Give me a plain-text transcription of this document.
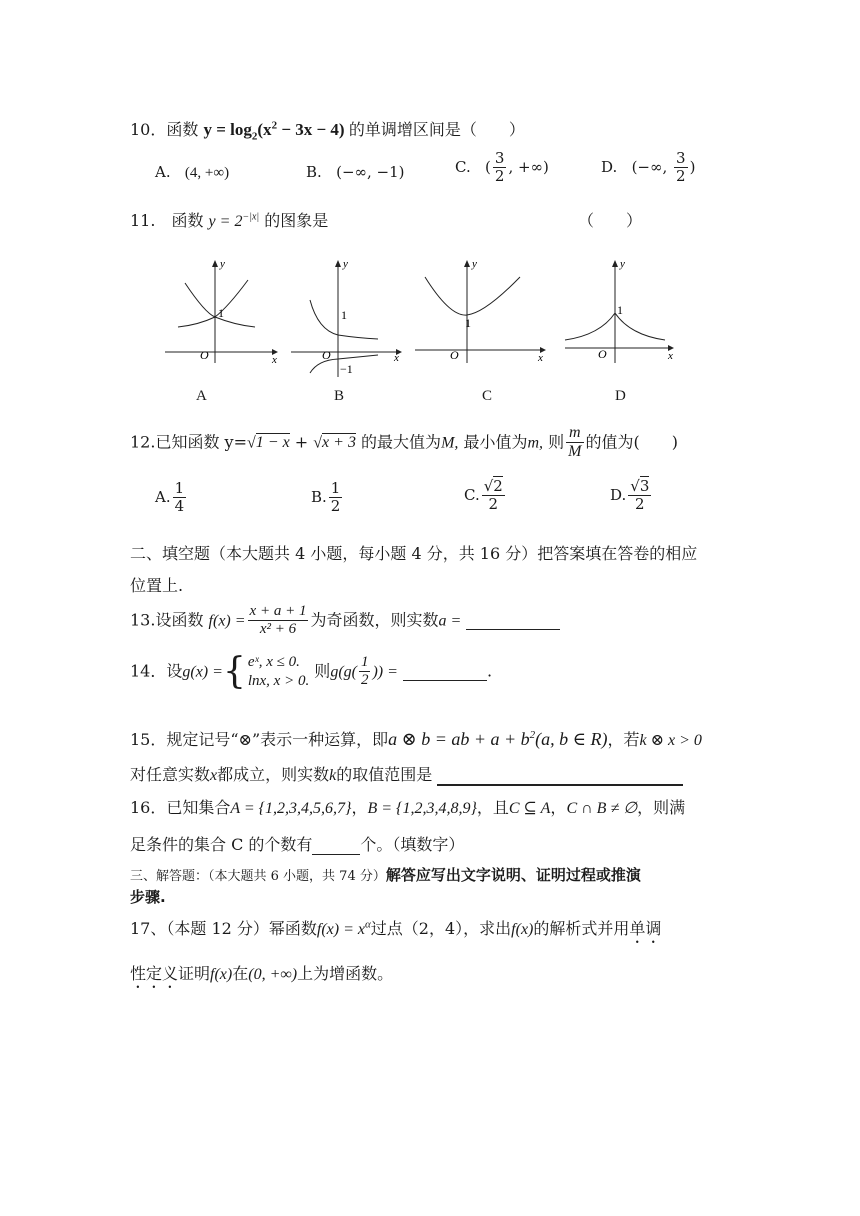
10．函数 $y = \log_2(x^2 - 3x - 4)$ 的单调增区间是（　　）
A. (4, +∞)	B. (−∞, −1)	C. ( $\frac{3}{2}$ , +∞)	D. (−∞, $\frac{3}{2}$ )
11.　函数 $y = 2^{-|x|}$ 的图象是	（　　）
y
x
O
1
A
y
x
O
1
−1
B
y
x
O
1
C
y
x
O
1
D
12.已知函数 y=√1 − x + √x + 3 的最大值为M, 最小值为m, 则 $\frac{m}{M}$ 的值为(　　)
A. $\frac{1}{4}$	B. $\frac{1}{2}$	C. $\frac{√2}{2}$	D. $\frac{√3}{2}$
二、填空题（本大题共 4 小题，每小题 4 分，共 16 分）把答案填在答卷的相应
位置上.
13.设函数 $f(x) = \frac{x + a + 1}{\text{x² + 6}}$ 为奇函数，则实数a =
14．设g(x) ={ eˣ, x ≤ 0.
lnx, x > 0.
则$g(g( \frac{1}{2}$ )) =	.
15．规定记号“⊗”表示一种运算，即a ⊗ b = ab + $a + b^2(a$, b ∈ R)，若k ⊗ x > 0
对任意实数x都成立，则实数k的取值范围是
16．已知集合A = {1,2,3,4,5,6,7}，B = {1,2,3,4,8,9}，且C ⊆ A，C ∩ B ≠ ∅，则满
足条件的集合 C 的个数有	个。（填数字）
三、解答题：（本大题共 6 小题，共 74 分）解答应写出文字说明、证明过程或推演
步骤.
17、（本题 12 分）幂函数$f(x) = x^\alpha$过点（2，4），求出f(x)的解析式并用单调
性定义证明f(x)在(0, +∞)上为增函数。
